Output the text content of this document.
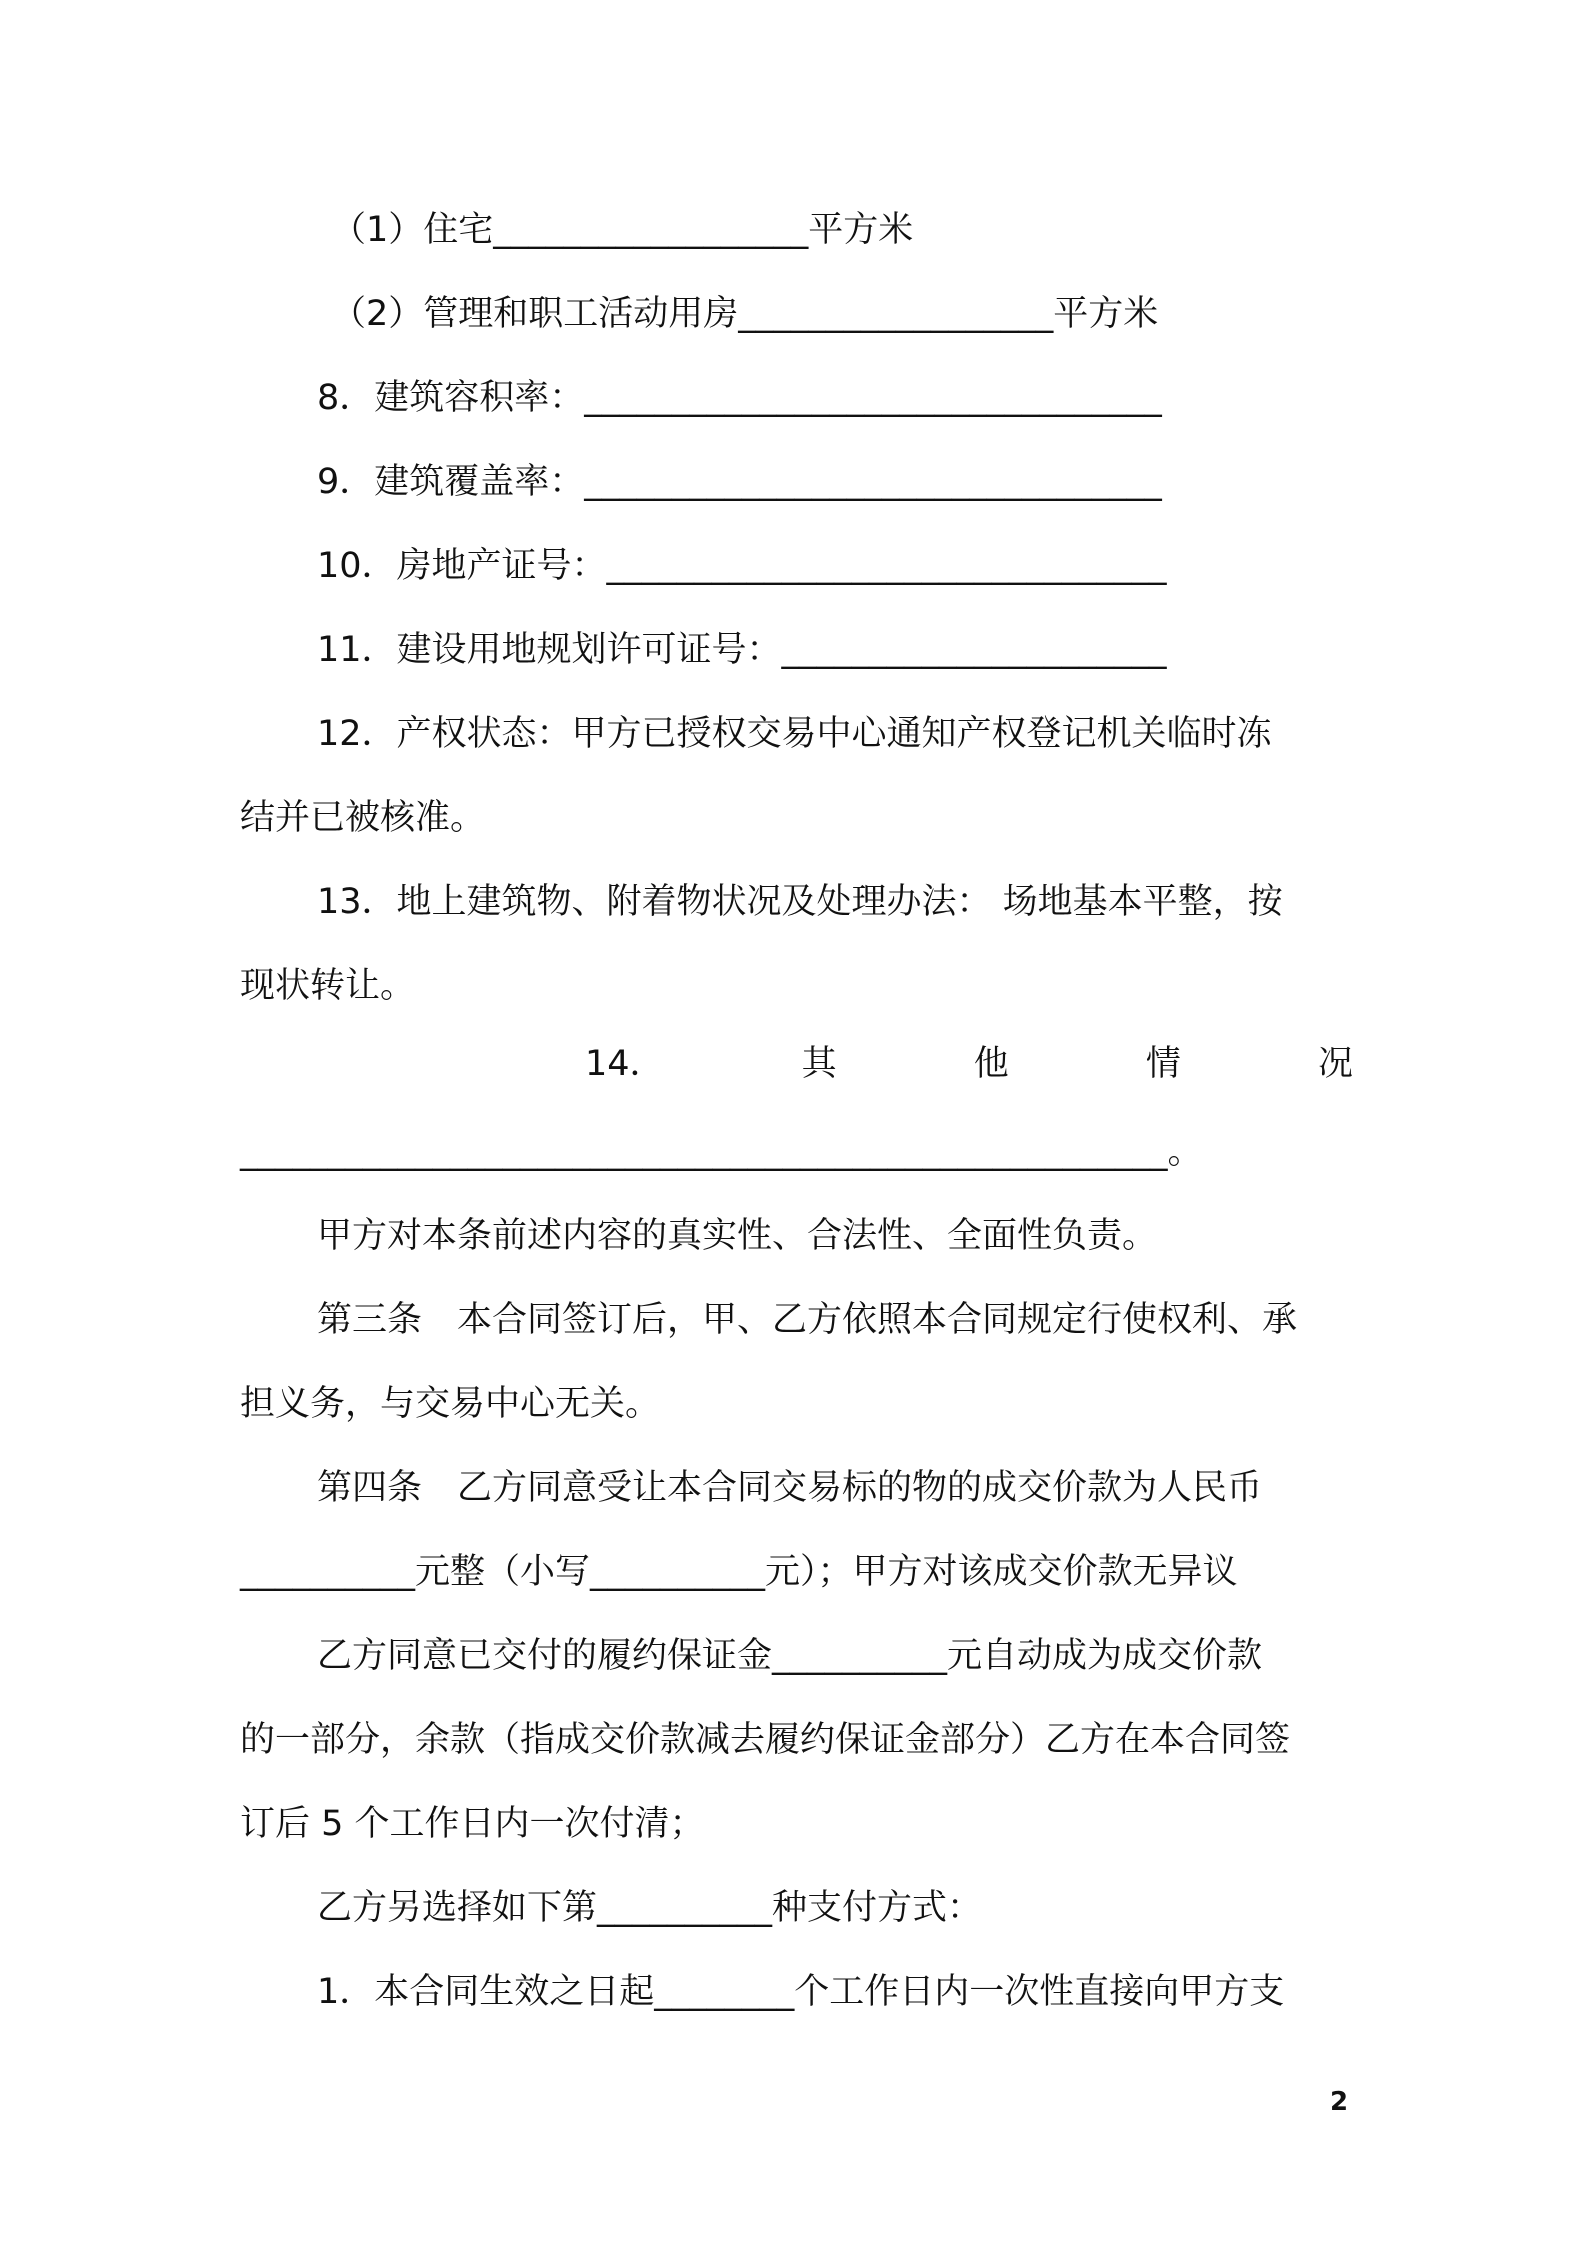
（1）住宅__________________平方米
（2）管理和职工活动用房__________________平方米
8．建筑容积率：_________________________________
9．建筑覆盖率：_________________________________
10．房地产证号：________________________________
11．建设用地规划许可证号：______________________
12．产权状态：甲方已授权交易中心通知产权登记机关临时冻
结并已被核准。
13．地上建筑物、附着物状况及处理办法： 场地基本平整，按
现状转让。
14．	其	他	情	况
_____________________________________________________。
甲方对本条前述内容的真实性、合法性、全面性负责。
第三条　本合同签订后，甲、乙方依照本合同规定行使权利、承
担义务，与交易中心无关。
第四条　乙方同意受让本合同交易标的物的成交价款为人民币
__________元整（小写__________元）；甲方对该成交价款无异议
乙方同意已交付的履约保证金__________元自动成为成交价款
的一部分，余款（指成交价款减去履约保证金部分）乙方在本合同签
订后 5 个工作日内一次付清；
乙方另选择如下第__________种支付方式：
1．本合同生效之日起________个工作日内一次性直接向甲方支
2
